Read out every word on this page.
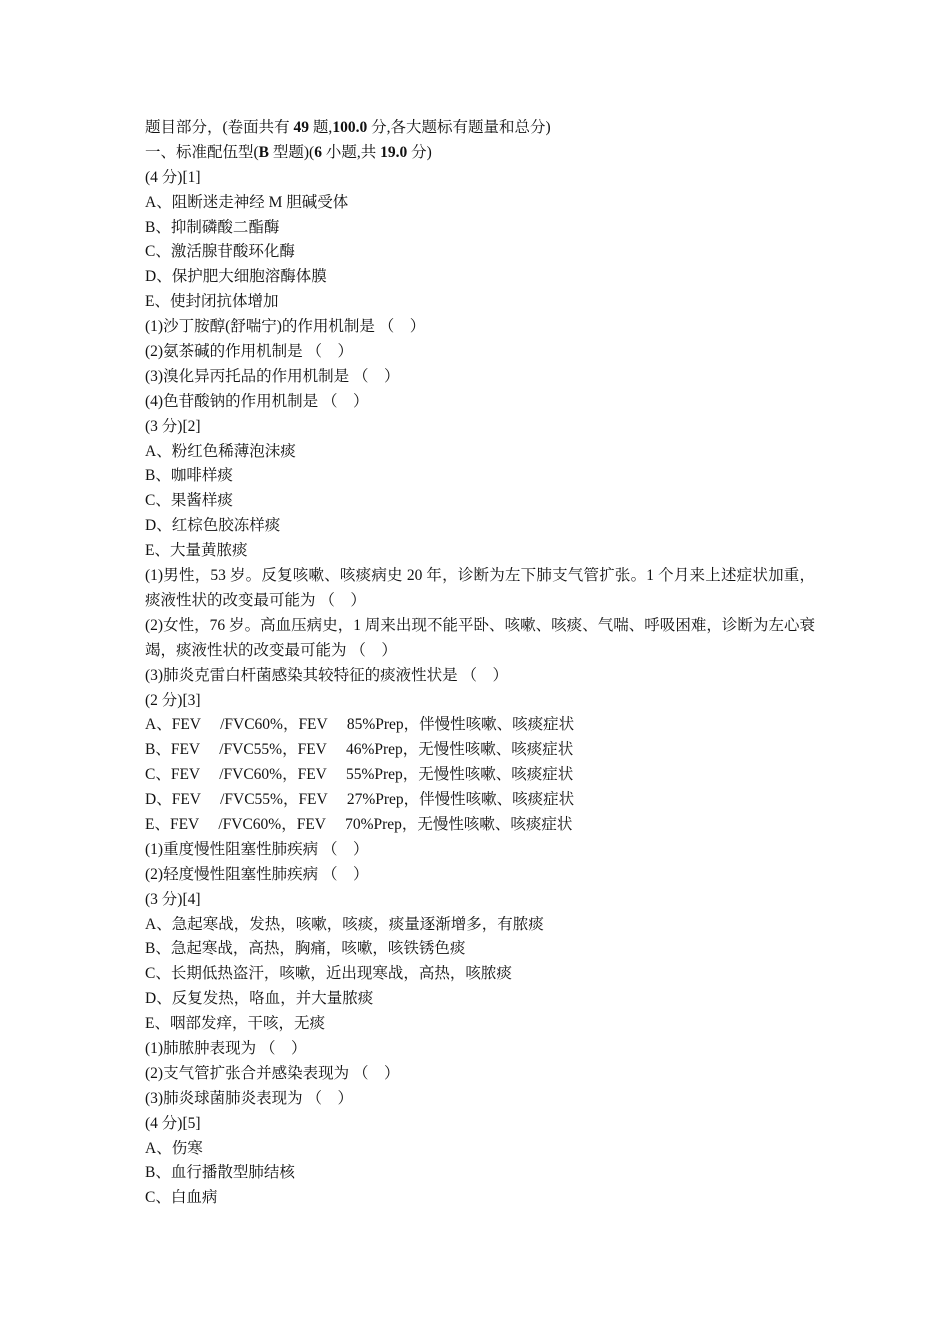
题目部分，(卷面共有 49 题,100.0 分,各大题标有题量和总分)
一、标准配伍型(B 型题)(6 小题,共 19.0 分)
(4 分)[1]
A、阻断迷走神经 M 胆碱受体
B、抑制磷酸二酯酶
C、激活腺苷酸环化酶
D、保护肥大细胞溶酶体膜
E、使封闭抗体增加
(1)沙丁胺醇(舒喘宁)的作用机制是 （　）
(2)氨茶碱的作用机制是 （　）
(3)溴化异丙托品的作用机制是 （　）
(4)色苷酸钠的作用机制是 （　）
(3 分)[2]
A、粉红色稀薄泡沫痰
B、咖啡样痰
C、果酱样痰
D、红棕色胶冻样痰
E、大量黄脓痰
(1)男性，53 岁。反复咳嗽、咳痰病史 20 年，诊断为左下肺支气管扩张。1 个月来上述症状加重，痰液性状的改变最可能为 （　）
(2)女性，76 岁。高血压病史，1 周来出现不能平卧、咳嗽、咳痰、气喘、呼吸困难，诊断为左心衰竭，痰液性状的改变最可能为 （　）
(3)肺炎克雷白杆菌感染其较特征的痰液性状是 （　）
(2 分)[3]
A、FEV　 /FVC60%，FEV　 85%Prep，伴慢性咳嗽、咳痰症状
B、FEV　 /FVC55%，FEV　 46%Prep，无慢性咳嗽、咳痰症状
C、FEV　 /FVC60%，FEV　 55%Prep，无慢性咳嗽、咳痰症状
D、FEV　 /FVC55%，FEV　 27%Prep，伴慢性咳嗽、咳痰症状
E、FEV　 /FVC60%，FEV　 70%Prep，无慢性咳嗽、咳痰症状
(1)重度慢性阻塞性肺疾病 （　）
(2)轻度慢性阻塞性肺疾病 （　）
(3 分)[4]
A、急起寒战，发热，咳嗽，咳痰，痰量逐渐增多，有脓痰
B、急起寒战，高热，胸痛，咳嗽，咳铁锈色痰
C、长期低热盗汗，咳嗽，近出现寒战，高热，咳脓痰
D、反复发热，咯血，并大量脓痰
E、咽部发痒，干咳，无痰
(1)肺脓肿表现为 （　）
(2)支气管扩张合并感染表现为 （　）
(3)肺炎球菌肺炎表现为 （　）
(4 分)[5]
A、伤寒
B、血行播散型肺结核
C、白血病
